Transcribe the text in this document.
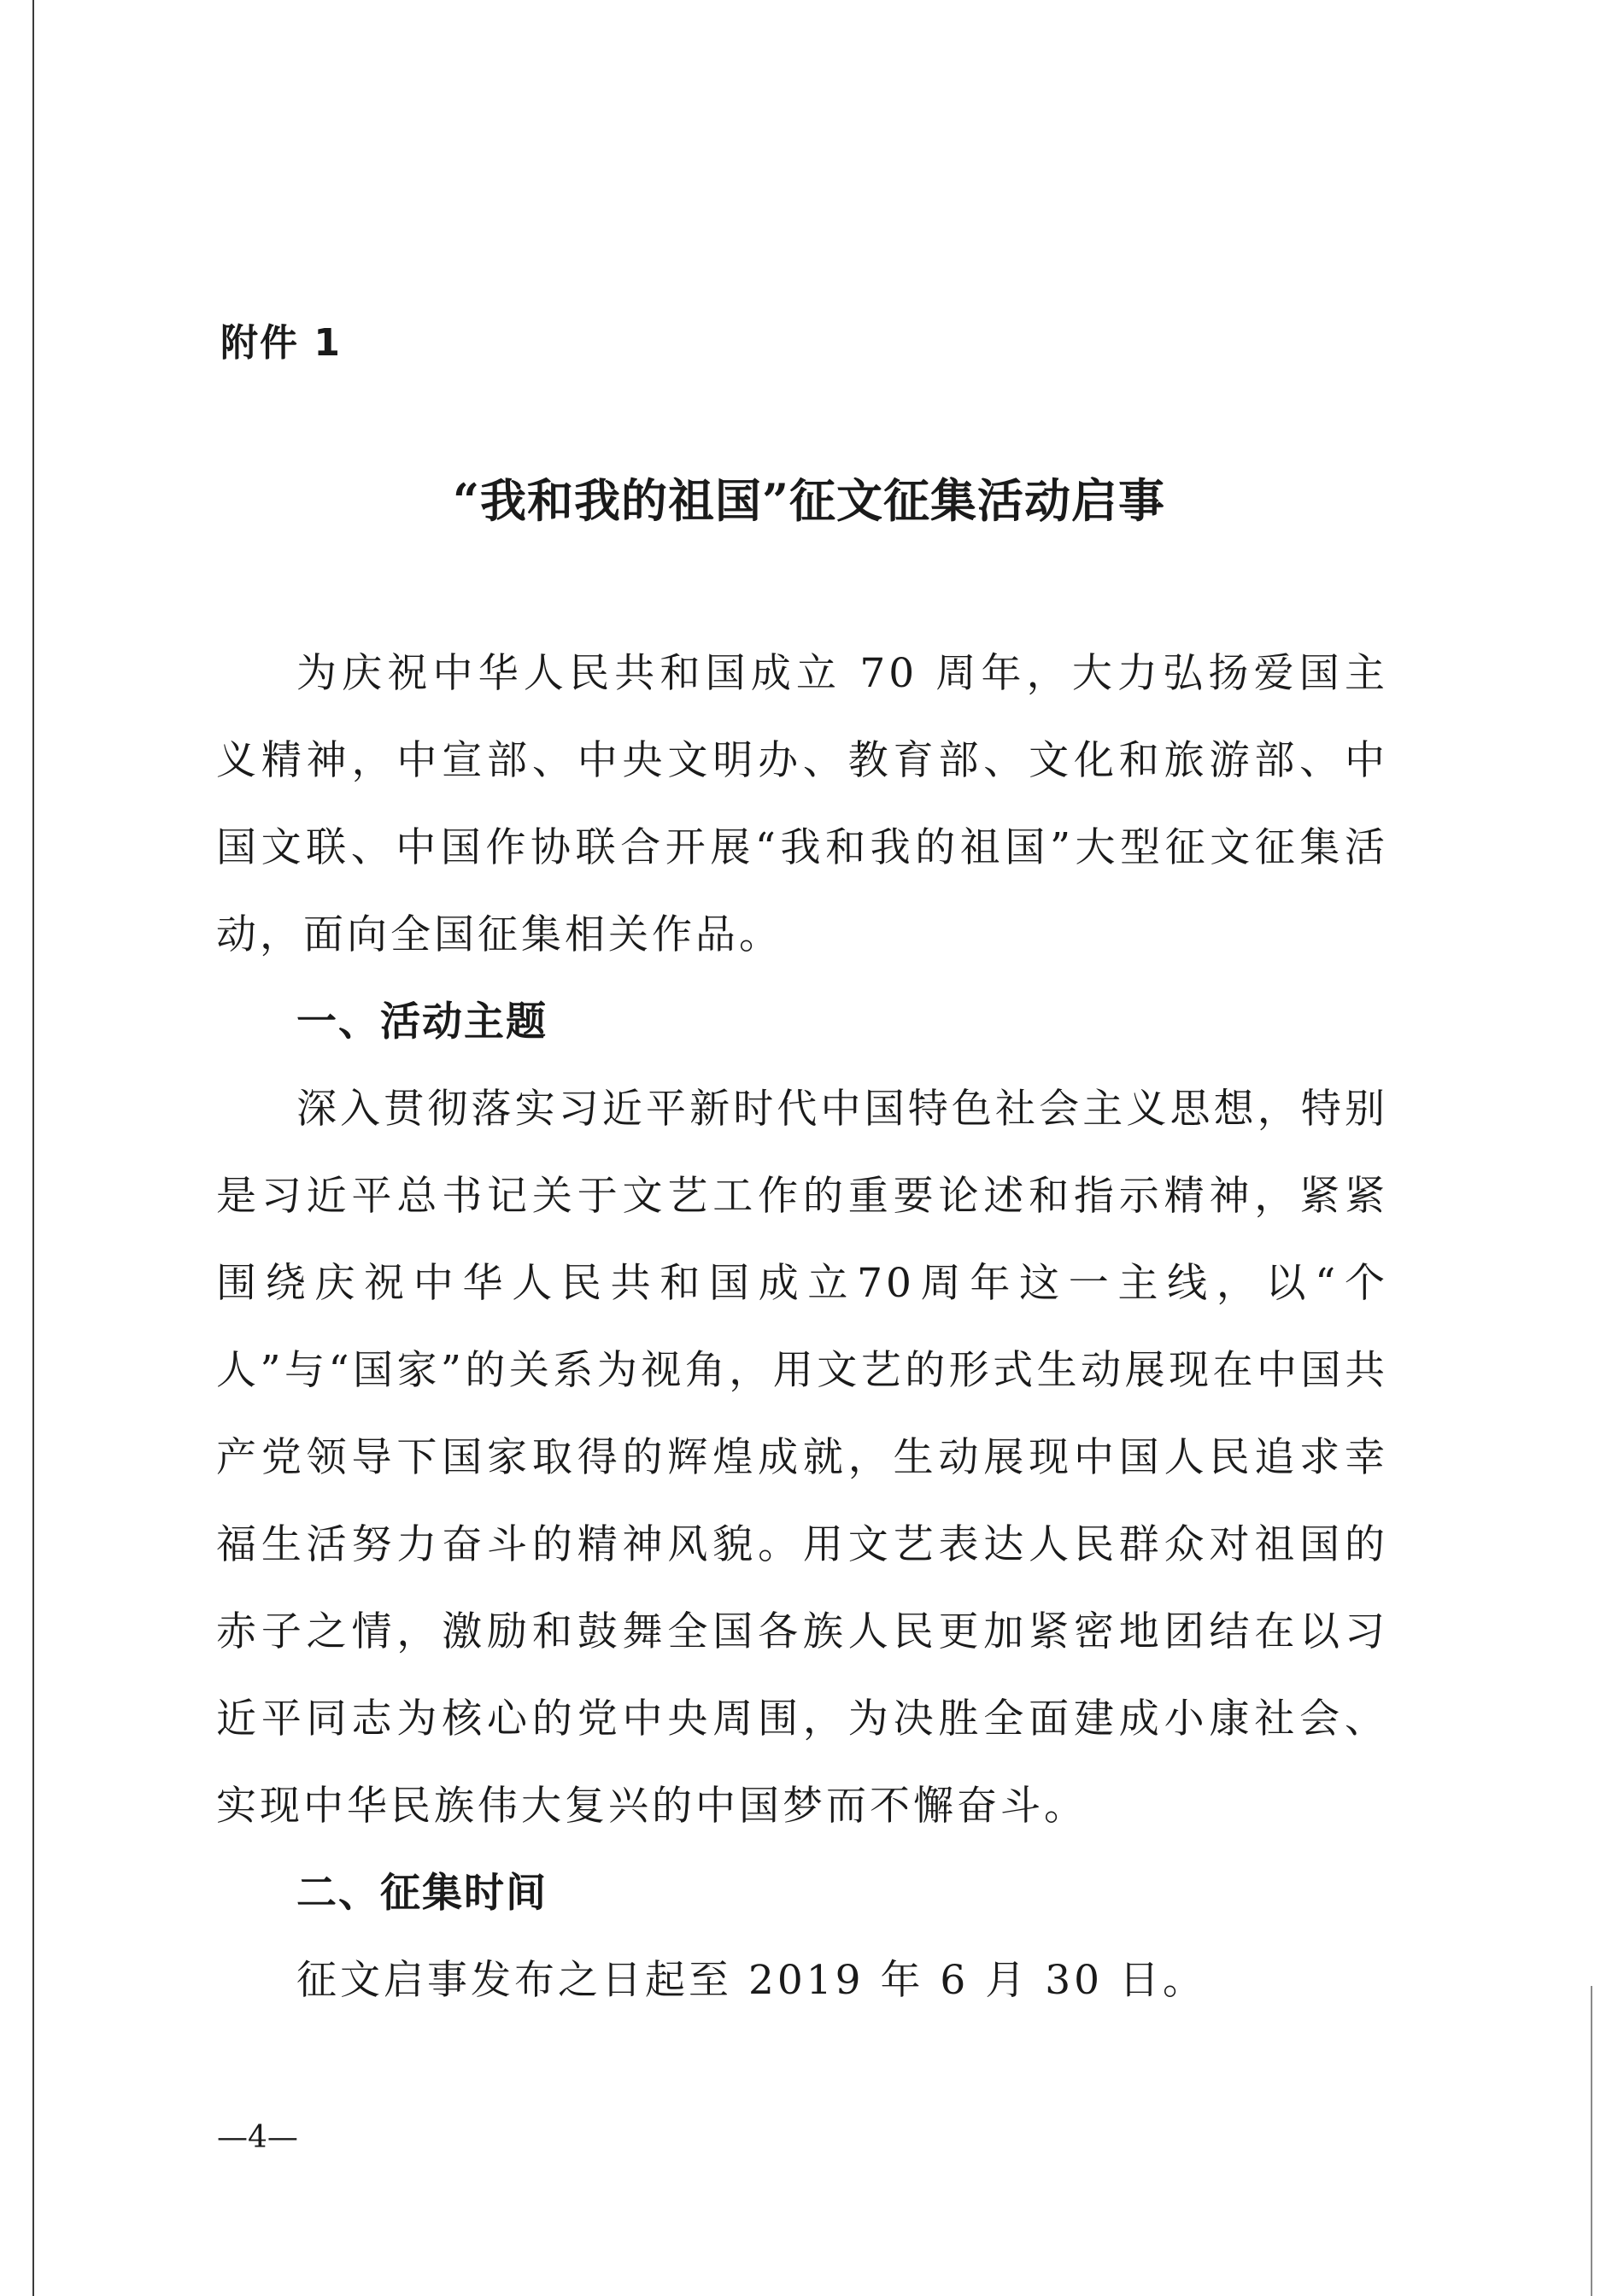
附件 1
“我和我的祖国”征文征集活动启事

为庆祝中华人民共和国成立 70 周年，大力弘扬爱国主义精神，中宣部、中央文明办、教育部、文化和旅游部、中国文联、中国作协联合开展“我和我的祖国”大型征文征集活动，面向全国征集相关作品。

一、活动主题

深入贯彻落实习近平新时代中国特色社会主义思想，特别是习近平总书记关于文艺工作的重要论述和指示精神，紧紧围绕庆祝中华人民共和国成立70周年这一主线，以“个人”与“国家”的关系为视角，用文艺的形式生动展现在中国共产党领导下国家取得的辉煌成就，生动展现中国人民追求幸福生活努力奋斗的精神风貌。用文艺表达人民群众对祖国的赤子之情，激励和鼓舞全国各族人民更加紧密地团结在以习近平同志为核心的党中央周围，为决胜全面建成小康社会、实现中华民族伟大复兴的中国梦而不懈奋斗。

二、征集时间

征文启事发布之日起至 2019 年 6 月 30 日。

—4—
